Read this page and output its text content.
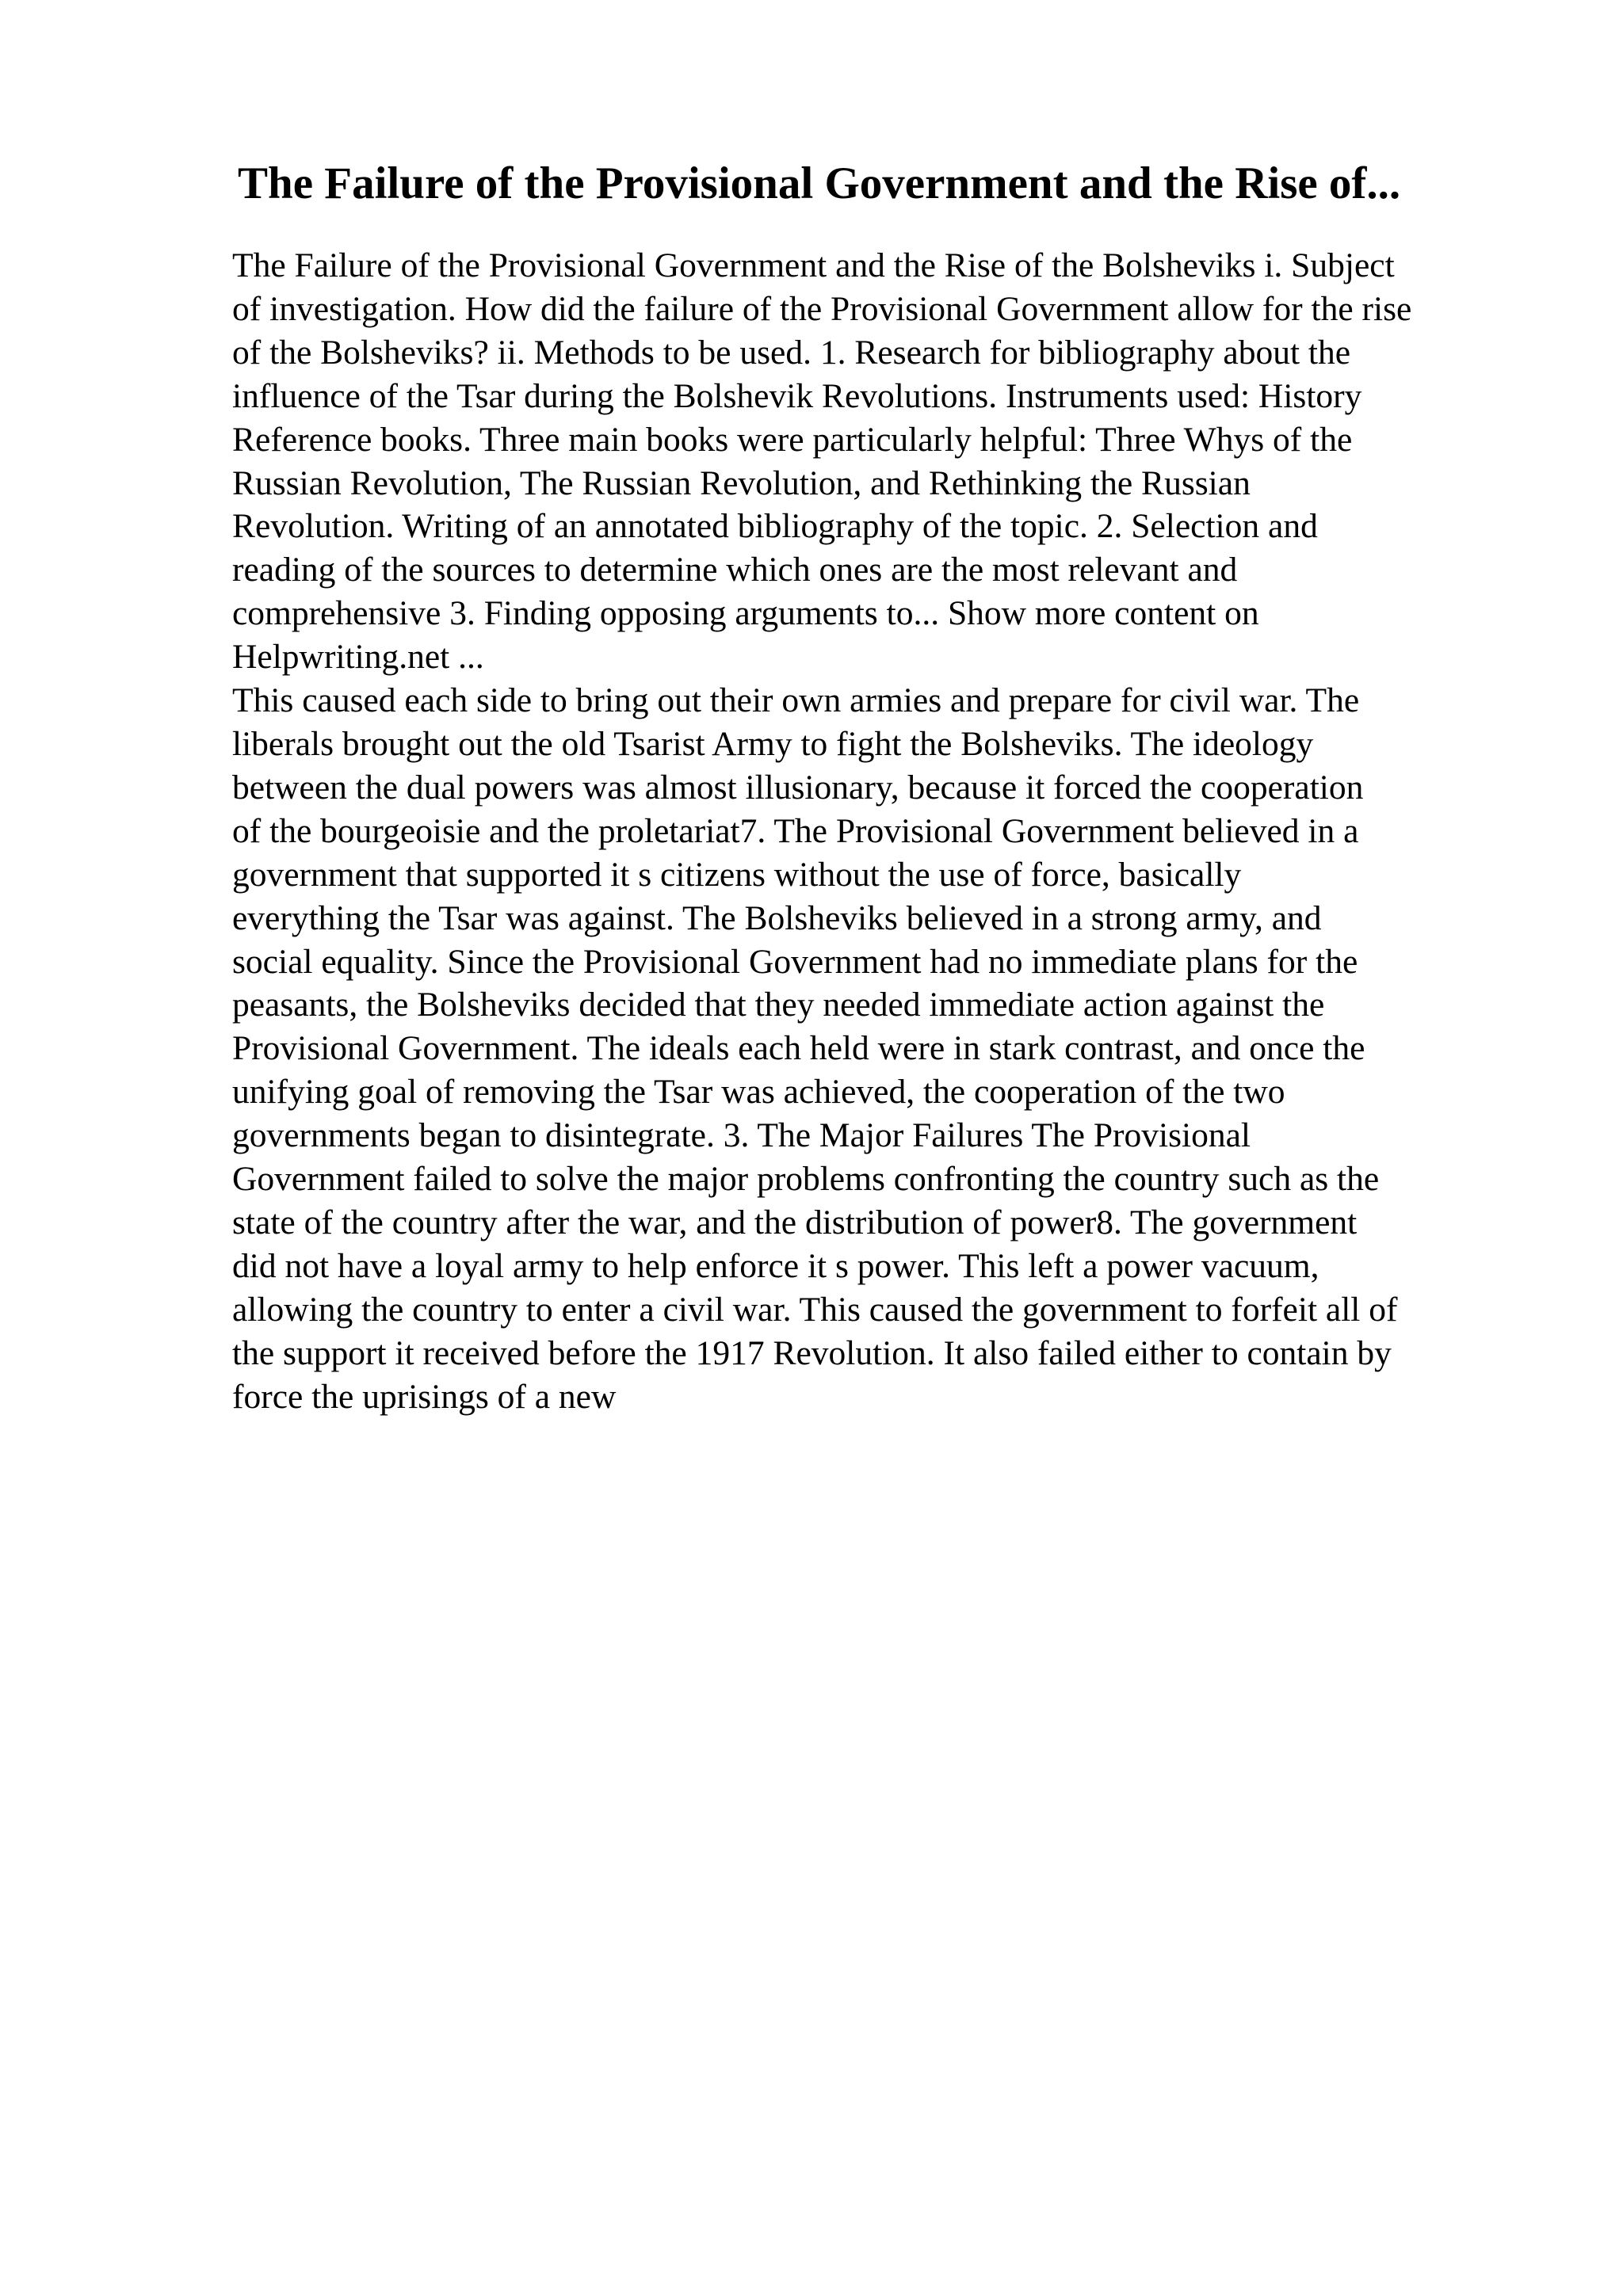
The Failure of the Provisional Government and the Rise of...

The Failure of the Provisional Government and the Rise of the Bolsheviks i. Subject
of investigation. How did the failure of the Provisional Government allow for the rise
of the Bolsheviks? ii. Methods to be used. 1. Research for bibliography about the
influence of the Tsar during the Bolshevik Revolutions. Instruments used: History
Reference books. Three main books were particularly helpful: Three Whys of the
Russian Revolution, The Russian Revolution, and Rethinking the Russian
Revolution. Writing of an annotated bibliography of the topic. 2. Selection and
reading of the sources to determine which ones are the most relevant and
comprehensive 3. Finding opposing arguments to... Show more content on
Helpwriting.net ...

This caused each side to bring out their own armies and prepare for civil war. The
liberals brought out the old Tsarist Army to fight the Bolsheviks. The ideology
between the dual powers was almost illusionary, because it forced the cooperation
of the bourgeoisie and the proletariat7. The Provisional Government believed in a
government that supported it s citizens without the use of force, basically
everything the Tsar was against. The Bolsheviks believed in a strong army, and
social equality. Since the Provisional Government had no immediate plans for the
peasants, the Bolsheviks decided that they needed immediate action against the
Provisional Government. The ideals each held were in stark contrast, and once the
unifying goal of removing the Tsar was achieved, the cooperation of the two
governments began to disintegrate. 3. The Major Failures The Provisional
Government failed to solve the major problems confronting the country such as the
state of the country after the war, and the distribution of power8. The government
did not have a loyal army to help enforce it s power. This left a power vacuum,
allowing the country to enter a civil war. This caused the government to forfeit all of
the support it received before the 1917 Revolution. It also failed either to contain by
force the uprisings of a new
